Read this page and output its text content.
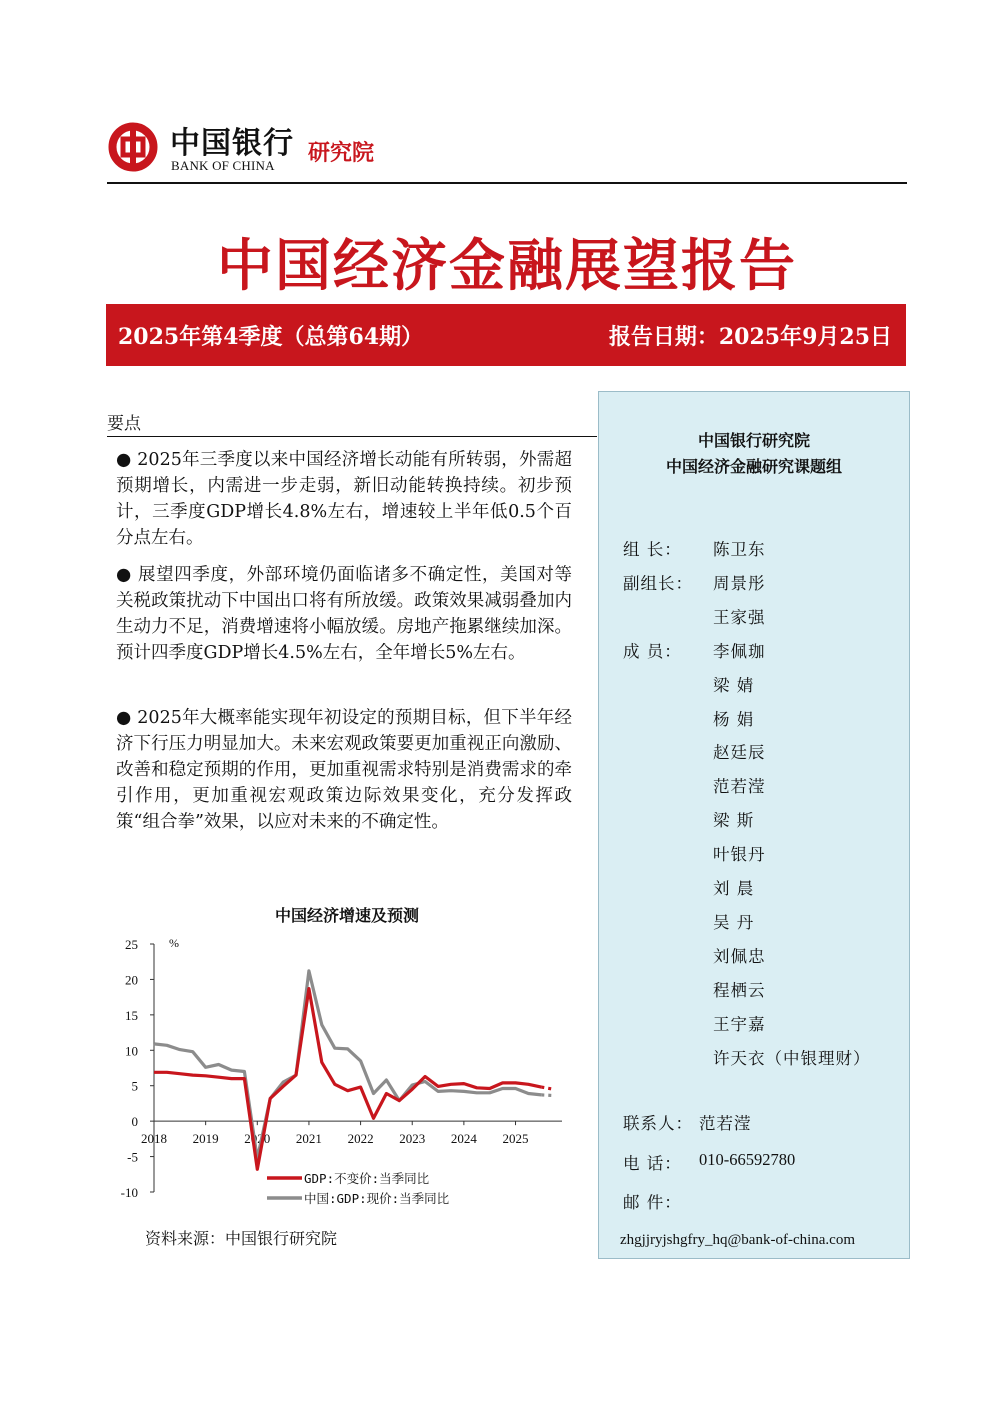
中国银行
BANK OF CHINA 研究院
中国经济金融展望报告
2025年第4季度（总第64期）	报告日期：2025年9月25日
要点
● 2025年三季度以来中国经济增长动能有所转弱，外需超预期增长，内需进一步走弱，新旧动能转换持续。初步预计，三季度GDP增长4.8%左右，增速较上半年低0.5个百分点左右。
● 展望四季度，外部环境仍面临诸多不确定性，美国对等关税政策扰动下中国出口将有所放缓。政策效果减弱叠加内生动力不足，消费增速将小幅放缓。房地产拖累继续加深。预计四季度GDP增长4.5%左右，全年增长5%左右。
● 2025年大概率能实现年初设定的预期目标，但下半年经济下行压力明显加大。未来宏观政策要更加重视正向激励、改善和稳定预期的作用，更加重视需求特别是消费需求的牵引作用，更加重视宏观政策边际效果变化，充分发挥政策“组合拳”效果，以应对未来的不确定性。
中国经济增速及预测
25
20
15
10
5
0
-5
-10
%
2018 2019 2020 2021 2022 2023 2024 2025
GDP:不变价:当季同比
中国:GDP:现价:当季同比
资料来源：中国银行研究院
中国银行研究院
中国经济金融研究课题组
组 长： 陈卫东
副组长： 周景彤
王家强
成 员： 李佩珈
梁 婧
杨 娟
赵廷辰
范若滢
梁 斯
叶银丹
刘 晨
吴 丹
刘佩忠
程栖云
王宇嘉
许天衣（中银理财）
联系人： 范若滢
电 话： 010-66592780
邮 件：
zhgjjryjshgfry_hq@bank-of-china.com
